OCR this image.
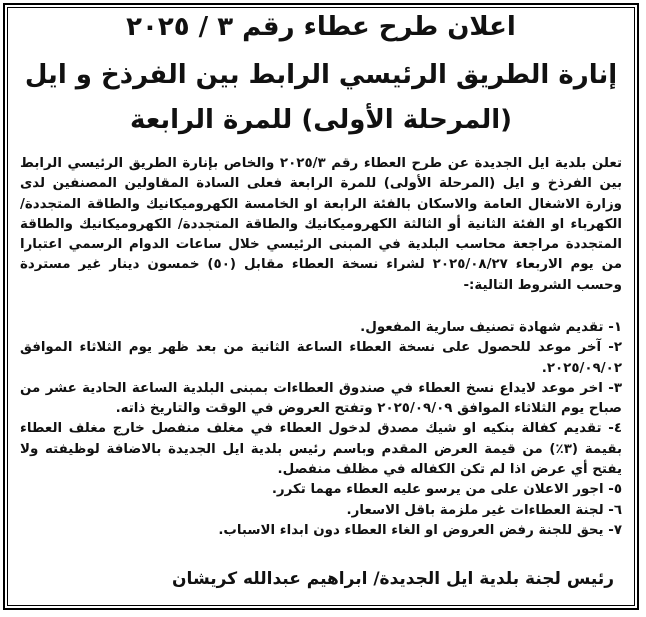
اعلان طرح عطاء رقم ٣ / ٢٠٢٥
إنارة الطريق الرئيسي الرابط بين الفرذخ و ايل
(المرحلة الأولى) للمرة الرابعة

تعلن بلدية ايل الجديدة عن طرح العطاء رقم ٢٠٢٥/٣ والخاص بإنارة الطريق الرئيسي الرابط بين الفرذخ و ايل (المرحلة الأولى) للمرة الرابعة فعلى السادة المقاولين المصنفين لدى وزارة الاشغال العامة والاسكان بالفئة الرابعة او الخامسة الكهروميكانيك والطاقة المتجددة/ الكهرباء او الفئة الثانية أو الثالثة الكهروميكانيك والطاقة المتجددة/ الكهروميكانيك والطاقة المتجددة مراجعة محاسب البلدية في المبنى الرئيسي خلال ساعات الدوام الرسمي اعتبارا من يوم الاربعاء ٢٠٢٥/٠٨/٢٧ لشراء نسخة العطاء مقابل (٥٠) خمسون دينار غير مستردة وحسب الشروط التالية:-

١- تقديم شهادة تصنيف سارية المفعول.
٢- آخر موعد للحصول على نسخة العطاء الساعة الثانية من بعد ظهر يوم الثلاثاء الموافق ٢٠٢٥/٠٩/٠٢.
٣- اخر موعد لايداع نسخ العطاء في صندوق العطاءات بمبنى البلدية الساعة الحادية عشر من صباح يوم الثلاثاء الموافق ٢٠٢٥/٠٩/٠٩ وتفتح العروض في الوقت والتاريخ ذاته.
٤- تقديم كفالة بنكيه او شيك مصدق لدخول العطاء في مغلف منفصل خارج مغلف العطاء بقيمة (٣٪) من قيمة العرض المقدم وباسم رئيس بلدية ايل الجديدة بالاضافة لوظيفته ولا يفتح أي عرض اذا لم تكن الكفاله في مظلف منفصل.
٥- اجور الاعلان على من يرسو عليه العطاء مهما تكرر.
٦- لجنة العطاءات غير ملزمة باقل الاسعار.
٧- يحق للجنة رفض العروض او الغاء العطاء دون ابداء الاسباب.
رئيس لجنة بلدية ايل الجديدة/ ابراهيم عبدالله كريشان
